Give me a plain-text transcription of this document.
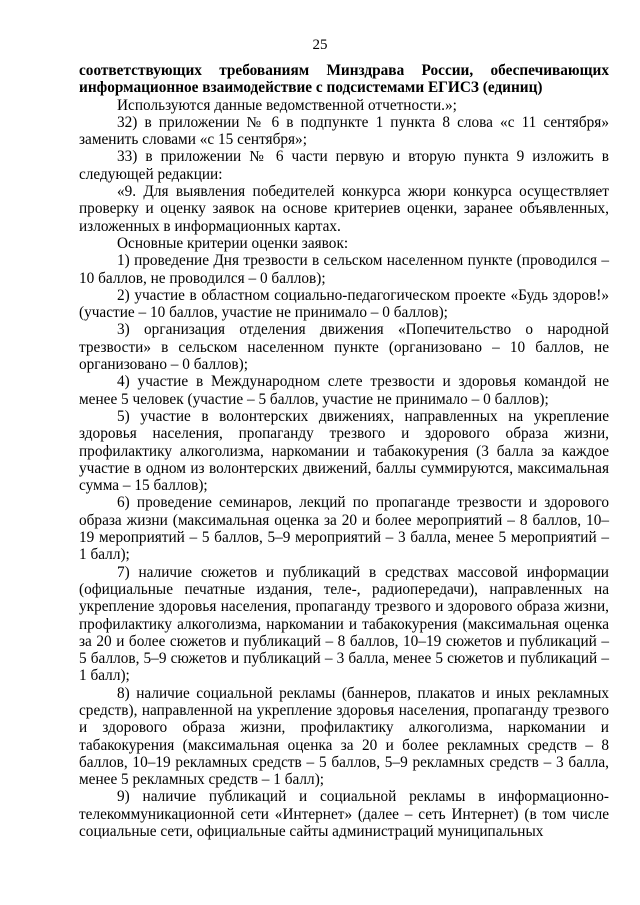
25

соответствующих требованиям Минздрава России, обеспечивающих информационное взаимодействие с подсистемами ЕГИСЗ (единиц)

Используются данные ведомственной отчетности.»;

32) в приложении № 6 в подпункте 1 пункта 8 слова «с 11 сентября» заменить словами «с 15 сентября»;

33) в приложении № 6 части первую и вторую пункта 9 изложить в следующей редакции:

«9. Для выявления победителей конкурса жюри конкурса осуществляет проверку и оценку заявок на основе критериев оценки, заранее объявленных, изложенных в информационных картах.

Основные критерии оценки заявок:

1) проведение Дня трезвости в сельском населенном пункте (проводился – 10 баллов, не проводился – 0 баллов);

2) участие в областном социально-педагогическом проекте «Будь здоров!» (участие – 10 баллов, участие не принимало – 0 баллов);

3) организация отделения движения «Попечительство о народной трезвости» в сельском населенном пункте (организовано – 10 баллов, не организовано – 0 баллов);

4) участие в Международном слете трезвости и здоровья командой не менее 5 человек (участие – 5 баллов, участие не принимало – 0 баллов);

5) участие в волонтерских движениях, направленных на укрепление здоровья населения, пропаганду трезвого и здорового образа жизни, профилактику алкоголизма, наркомании и табакокурения (3 балла за каждое участие в одном из волонтерских движений, баллы суммируются, максимальная сумма – 15 баллов);

6) проведение семинаров, лекций по пропаганде трезвости и здорового образа жизни (максимальная оценка за 20 и более мероприятий – 8 баллов, 10–19 мероприятий – 5 баллов, 5–9 мероприятий – 3 балла, менее 5 мероприятий – 1 балл);

7) наличие сюжетов и публикаций в средствах массовой информации (официальные печатные издания, теле-, радиопередачи), направленных на укрепление здоровья населения, пропаганду трезвого и здорового образа жизни, профилактику алкоголизма, наркомании и табакокурения (максимальная оценка за 20 и более сюжетов и публикаций – 8 баллов, 10–19 сюжетов и публикаций – 5 баллов, 5–9 сюжетов и публикаций – 3 балла, менее 5 сюжетов и публикаций – 1 балл);

8) наличие социальной рекламы (баннеров, плакатов и иных рекламных средств), направленной на укрепление здоровья населения, пропаганду трезвого и здорового образа жизни, профилактику алкоголизма, наркомании и табакокурения (максимальная оценка за 20 и более рекламных средств – 8 баллов, 10–19 рекламных средств – 5 баллов, 5–9 рекламных средств – 3 балла, менее 5 рекламных средств – 1 балл);

9) наличие публикаций и социальной рекламы в информационно-телекоммуникационной сети «Интернет» (далее – сеть Интернет) (в том числе социальные сети, официальные сайты администраций муниципальных
